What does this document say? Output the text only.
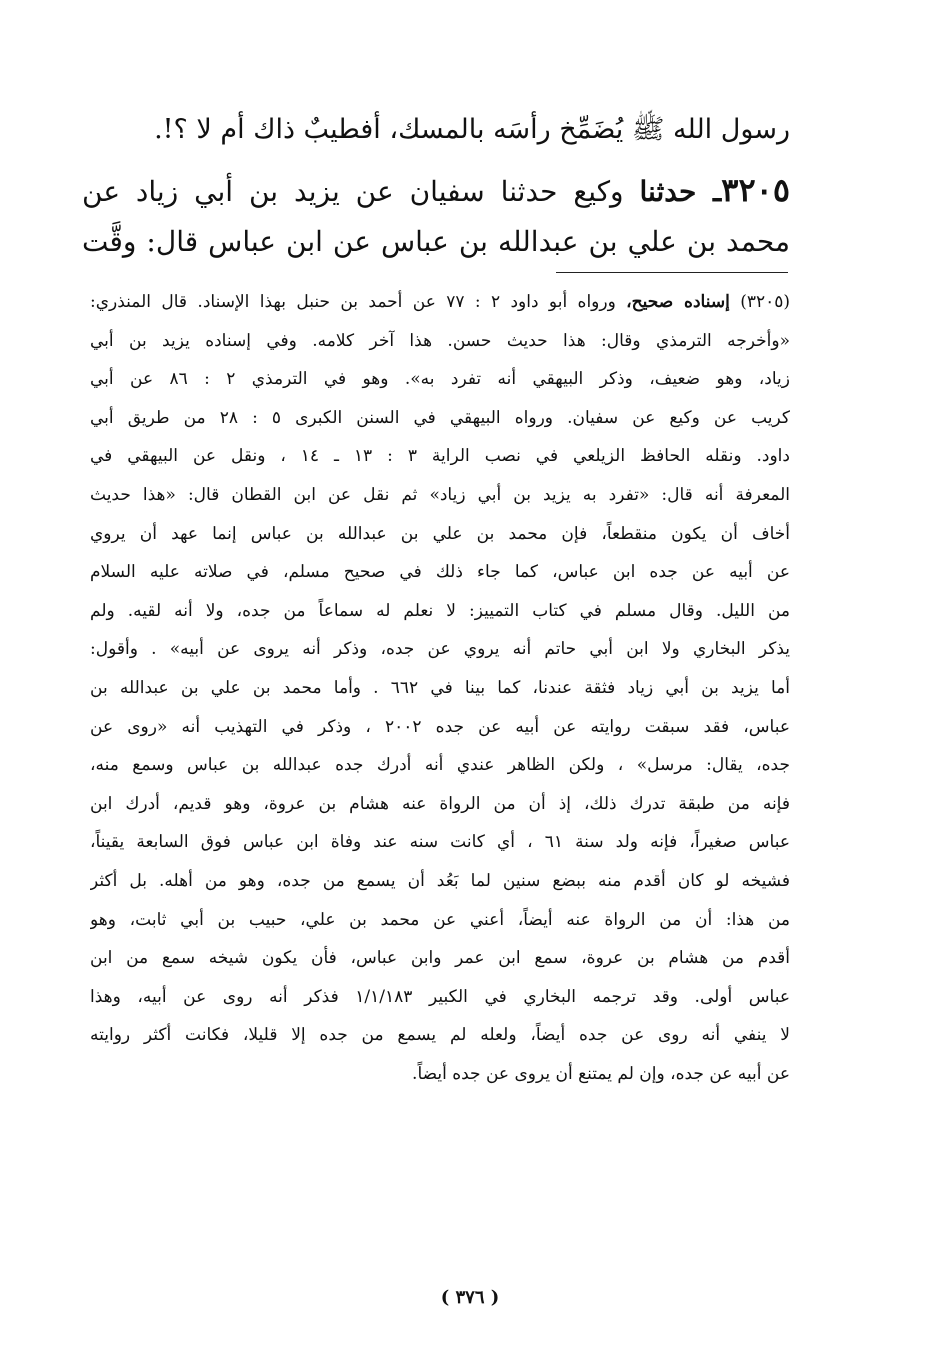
رسول الله ﷺ يُضَمِّخ رأسَه بالمسك، أفطيبٌ ذاك أم لا ؟!.
٣٢٠٥ـ حدثنا وكيع حدثنا سفيان عن يزيد بن أبي زياد عن
محمد بن علي بن عبدالله بن عباس عن ابن عباس قال: وقَّت
(٣٢٠٥) إسناده صحيح، ورواه أبو داود ٢ : ٧٧ عن أحمد بن حنبل بهذا الإسناد. قال المنذري:
«وأخرجه الترمذي وقال: هذا حديث حسن. هذا آخر كلامه. وفي إسناده يزيد بن أبي
زياد، وهو ضعيف، وذكر البيهقي أنه تفرد به». وهو في الترمذي ٢ : ٨٦ عن أبي
كريب عن وكيع عن سفيان. ورواه البيهقي في السنن الكبرى ٥ : ٢٨ من طريق أبي
داود. ونقله الحافظ الزيلعي في نصب الراية ٣ : ١٣ ـ ١٤ ، ونقل عن البيهقي في
المعرفة أنه قال: «تفرد به يزيد بن أبي زياد» ثم نقل عن ابن القطان قال: «هذا حديث
أخاف أن يكون منقطعاً، فإن محمد بن علي بن عبدالله بن عباس إنما عهد أن يروي
عن أبيه عن جده ابن عباس، كما جاء ذلك في صحيح مسلم، في صلاته عليه السلام
من الليل. وقال مسلم في كتاب التمييز: لا نعلم له سماعاً من جده، ولا أنه لقيه. ولم
يذكر البخاري ولا ابن أبي حاتم أنه يروي عن جده، وذكر أنه يروى عن أبيه» . وأقول:
أما يزيد بن أبي زياد فثقة عندنا، كما بينا في ٦٦٢ . وأما محمد بن علي بن عبدالله بن
عباس، فقد سبقت روايته عن أبيه عن جده ٢٠٠٢ ، وذكر في التهذيب أنه «روى عن
جده، يقال: مرسل» ، ولكن الظاهر عندي أنه أدرك جده عبدالله بن عباس وسمع منه،
فإنه من طبقة تدرك ذلك، إذ أن من الرواة عنه هشام بن عروة، وهو قديم، أدرك ابن
عباس صغيراً، فإنه ولد سنة ٦١ ، أي كانت سنه عند وفاة ابن عباس فوق السابعة يقيناً،
فشيخه لو كان أقدم منه ببضع سنين لما بَعُد أن يسمع من جده، وهو من أهله. بل أكثر
من هذا: أن من الرواة عنه أيضاً، أعني عن محمد بن علي، حبيب بن أبي ثابت، وهو
أقدم من هشام بن عروة، سمع ابن عمر وابن عباس، فأن يكون شيخه سمع من ابن
عباس أولى. وقد ترجمه البخاري في الكبير ١/١/١٨٣ فذكر أنه روى عن أبيه، وهذا
لا ينفي أنه روى عن جده أيضاً، ولعله لم يسمع من جده إلا قليلا، فكانت أكثر روايته
عن أبيه عن جده، وإن لم يمتنع أن يروى عن جده أيضاً.
( ٣٧٦ )
